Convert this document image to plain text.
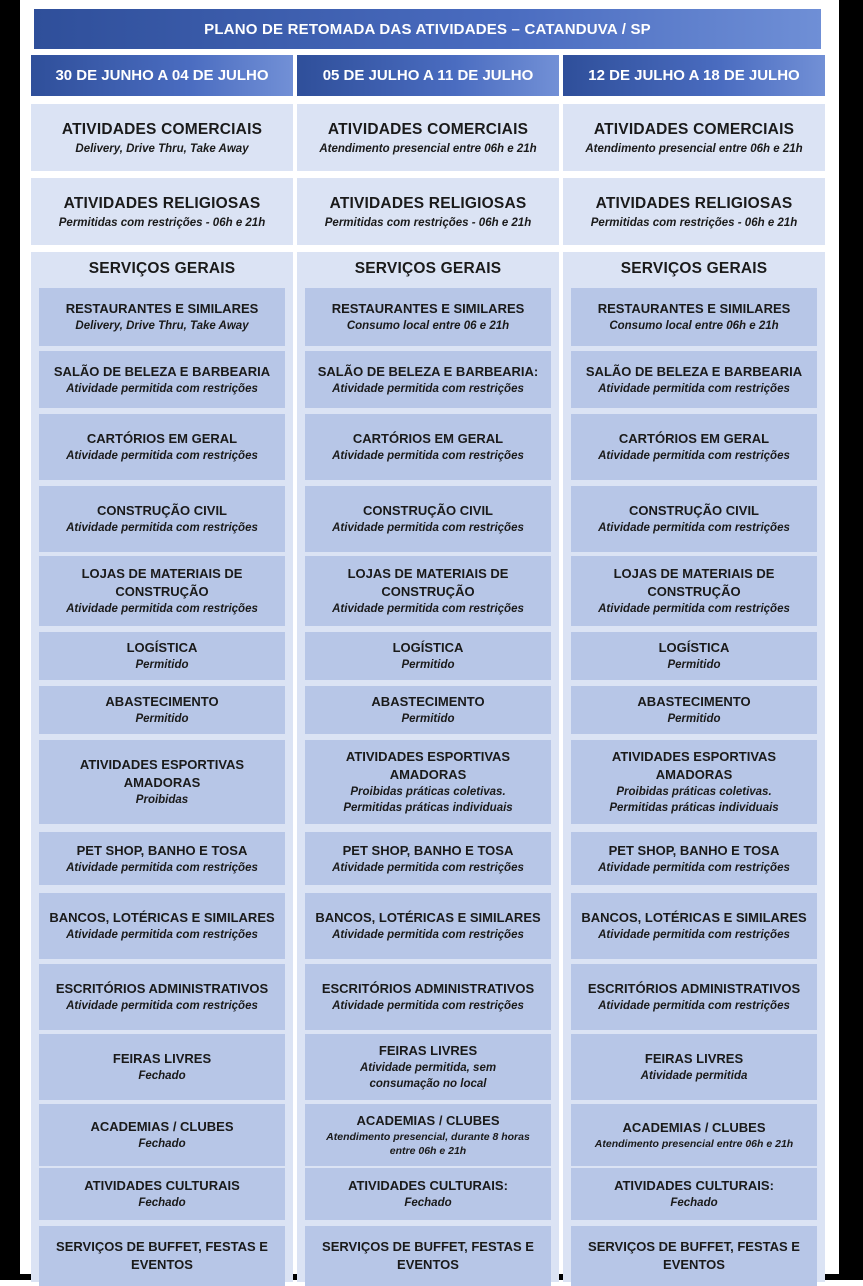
PLANO DE RETOMADA DAS ATIVIDADES – CATANDUVA / SP
30 DE JUNHO A 04 DE JULHO
ATIVIDADES COMERCIAIS
Delivery, Drive Thru, Take Away
ATIVIDADES RELIGIOSAS
Permitidas com restrições - 06h e 21h
SERVIÇOS GERAIS
RESTAURANTES E SIMILARES
Delivery, Drive Thru, Take Away
SALÃO DE BELEZA E BARBEARIA
Atividade permitida com restrições
CARTÓRIOS EM GERAL
Atividade permitida com restrições
CONSTRUÇÃO CIVIL
Atividade permitida com restrições
LOJAS DE MATERIAIS DE
CONSTRUÇÃO
Atividade permitida com restrições
LOGÍSTICA
Permitido
ABASTECIMENTO
Permitido
ATIVIDADES ESPORTIVAS
AMADORAS
Proibidas
PET SHOP, BANHO E TOSA
Atividade permitida com restrições
BANCOS, LOTÉRICAS E SIMILARES
Atividade permitida com restrições
ESCRITÓRIOS ADMINISTRATIVOS
Atividade permitida com restrições
FEIRAS LIVRES
Fechado
ACADEMIAS / CLUBES
Fechado
ATIVIDADES CULTURAIS
Fechado
SERVIÇOS DE BUFFET, FESTAS E
EVENTOS
05 DE JULHO A 11 DE JULHO
ATIVIDADES COMERCIAIS
Atendimento presencial entre 06h e 21h
ATIVIDADES RELIGIOSAS
Permitidas com restrições - 06h e 21h
SERVIÇOS GERAIS
RESTAURANTES E SIMILARES
Consumo local entre 06 e 21h
SALÃO DE BELEZA E BARBEARIA:
Atividade permitida com restrições
CARTÓRIOS EM GERAL
Atividade permitida com restrições
CONSTRUÇÃO CIVIL
Atividade permitida com restrições
LOJAS DE MATERIAIS DE
CONSTRUÇÃO
Atividade permitida com restrições
LOGÍSTICA
Permitido
ABASTECIMENTO
Permitido
ATIVIDADES ESPORTIVAS
AMADORAS
Proibidas práticas coletivas.
Permitidas práticas individuais
PET SHOP, BANHO E TOSA
Atividade permitida com restrições
BANCOS, LOTÉRICAS E SIMILARES
Atividade permitida com restrições
ESCRITÓRIOS ADMINISTRATIVOS
Atividade permitida com restrições
FEIRAS LIVRES
Atividade permitida, sem
consumação no local
ACADEMIAS / CLUBES
Atendimento presencial, durante 8 horas
entre 06h e 21h
ATIVIDADES CULTURAIS:
Fechado
SERVIÇOS DE BUFFET, FESTAS E
EVENTOS
12 DE JULHO A 18 DE JULHO
ATIVIDADES COMERCIAIS
Atendimento presencial entre 06h e 21h
ATIVIDADES RELIGIOSAS
Permitidas com restrições - 06h e 21h
SERVIÇOS GERAIS
RESTAURANTES E SIMILARES
Consumo local entre 06h e 21h
SALÃO DE BELEZA E BARBEARIA
Atividade permitida com restrições
CARTÓRIOS EM GERAL
Atividade permitida com restrições
CONSTRUÇÃO CIVIL
Atividade permitida com restrições
LOJAS DE MATERIAIS DE
CONSTRUÇÃO
Atividade permitida com restrições
LOGÍSTICA
Permitido
ABASTECIMENTO
Permitido
ATIVIDADES ESPORTIVAS
AMADORAS
Proibidas práticas coletivas.
Permitidas práticas individuais
PET SHOP, BANHO E TOSA
Atividade permitida com restrições
BANCOS, LOTÉRICAS E SIMILARES
Atividade permitida com restrições
ESCRITÓRIOS ADMINISTRATIVOS
Atividade permitida com restrições
FEIRAS LIVRES
Atividade permitida
ACADEMIAS / CLUBES
Atendimento presencial entre 06h e 21h
ATIVIDADES CULTURAIS:
Fechado
SERVIÇOS DE BUFFET, FESTAS E
EVENTOS
